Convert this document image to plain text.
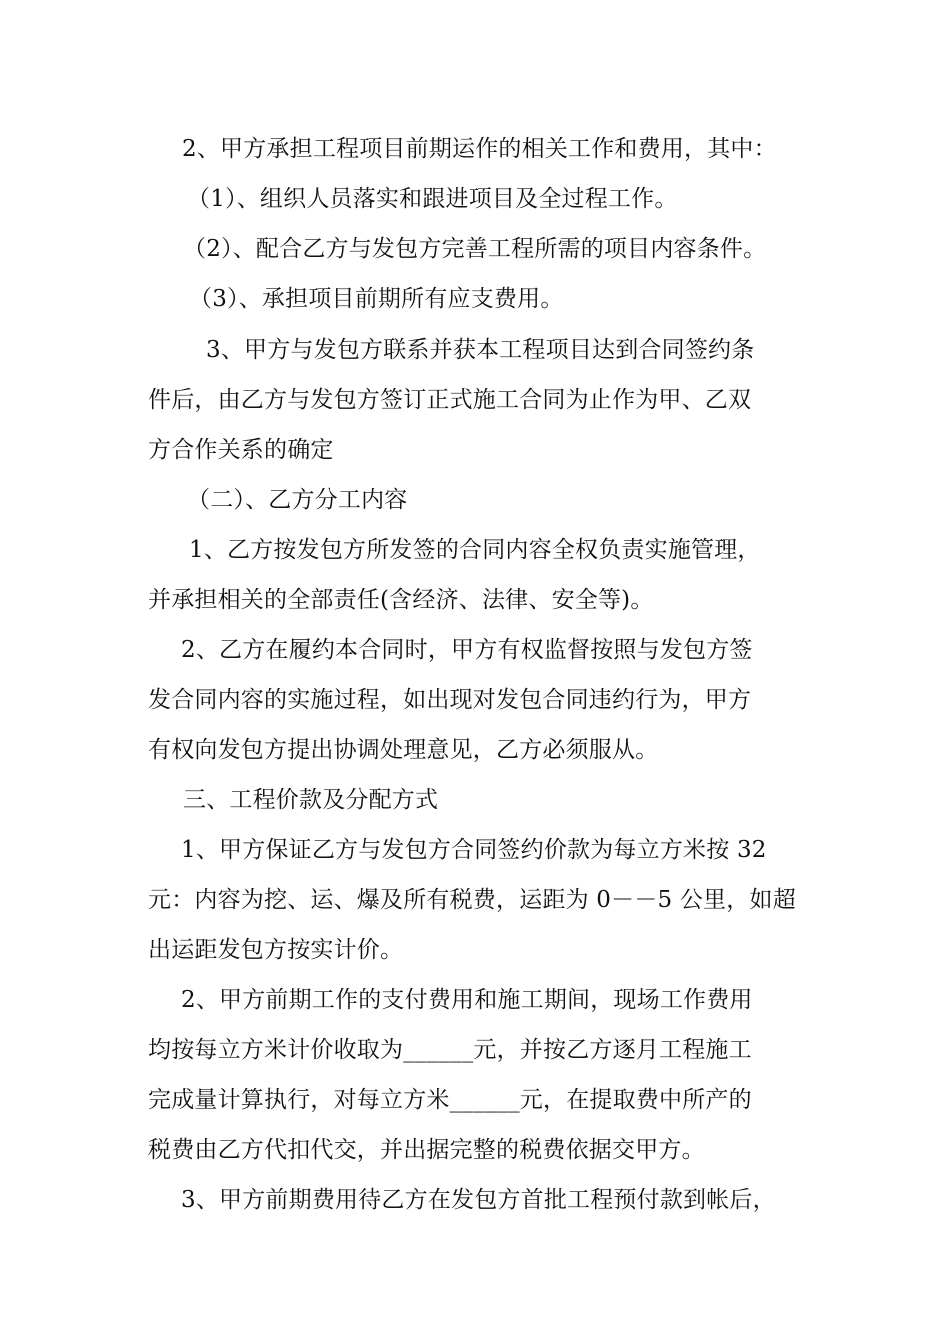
2、甲方承担工程项目前期运作的相关工作和费用，其中：
（1）、组织人员落实和跟进项目及全过程工作。
（2）、配合乙方与发包方完善工程所需的项目内容条件。
（3）、承担项目前期所有应支费用。
3、甲方与发包方联系并获本工程项目达到合同签约条
件后，由乙方与发包方签订正式施工合同为止作为甲、乙双
方合作关系的确定
（二）、乙方分工内容
1、乙方按发包方所发签的合同内容全权负责实施管理，
并承担相关的全部责任(含经济、法律、安全等)。
2、乙方在履约本合同时，甲方有权监督按照与发包方签
发合同内容的实施过程，如出现对发包合同违约行为，甲方
有权向发包方提出协调处理意见，乙方必须服从。
三、工程价款及分配方式
1、甲方保证乙方与发包方合同签约价款为每立方米按 32
元：内容为挖、运、爆及所有税费，运距为 0－－5 公里，如超
出运距发包方按实计价。
2、甲方前期工作的支付费用和施工期间，现场工作费用
均按每立方米计价收取为______元，并按乙方逐月工程施工
完成量计算执行，对每立方米______元，在提取费中所产的
税费由乙方代扣代交，并出据完整的税费依据交甲方。
3、甲方前期费用待乙方在发包方首批工程预付款到帐后，
